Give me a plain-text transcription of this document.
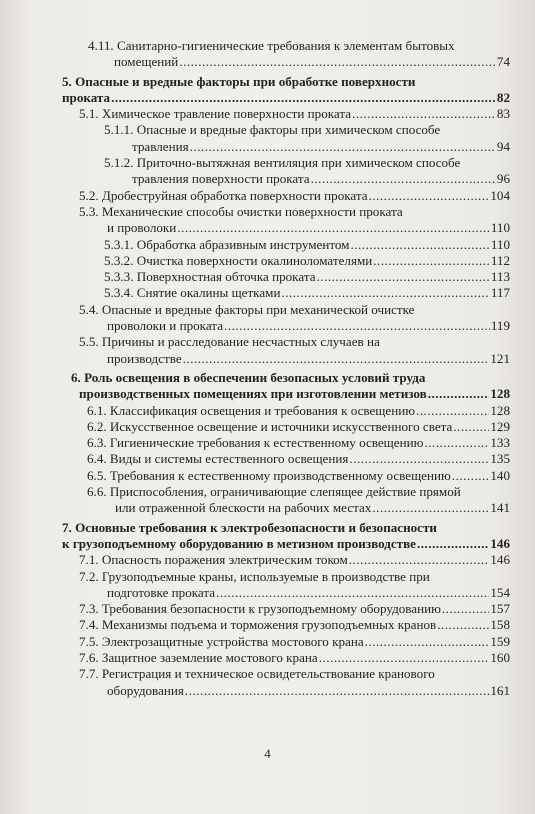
4.11. Санитарно-гигиенические требования к элементам бытовых
помещений .....	74
5. Опасные и вредные факторы при обработке поверхности
проката .....	82
5.1. Химическое травление поверхности проката .....	83
5.1.1. Опасные и вредные факторы при химическом способе
травления .....	94
5.1.2. Приточно-вытяжная вентиляция при химическом способе
травления поверхности проката .....	96
5.2. Дробеструйная обработка поверхности проката .....	104
5.3. Механические способы очистки поверхности проката
и проволоки .....	110
5.3.1. Обработка абразивным инструментом .....	110
5.3.2. Очистка поверхности окалиноломателями .....	112
5.3.3. Поверхностная обточка проката .....	113
5.3.4. Снятие окалины щетками .....	117
5.4. Опасные и вредные факторы при механической очистке
проволоки и проката .....	119
5.5. Причины и расследование несчастных случаев на
производстве .....	121
6. Роль освещения в обеспечении безопасных условий труда
производственных помещениях при изготовлении метизов .....	128
6.1. Классификация освещения и требования к освещению .....	128
6.2. Искусственное освещение и источники искусственного света .....	129
6.3. Гигиенические требования к естественному освещению .....	133
6.4. Виды и системы естественного освещения .....	135
6.5. Требования к естественному производственному освещению .....	140
6.6. Приспособления, ограничивающие слепящее действие прямой
или отраженной блескости на рабочих местах .....	141
7. Основные требования к электробезопасности и безопасности
к грузоподъемному оборудованию в метизном производстве .....	146
7.1. Опасность поражения электрическим током .....	146
7.2. Грузоподъемные краны, используемые в производстве при
подготовке проката .....	154
7.3. Требования безопасности к грузоподъемному оборудованию .....	157
7.4. Механизмы подъема и торможения грузоподъемных кранов .....	158
7.5. Электрозащитные устройства мостового крана .....	159
7.6. Защитное заземление мостового крана .....	160
7.7. Регистрация и техническое освидетельствование кранового
оборудования .....	161
4
